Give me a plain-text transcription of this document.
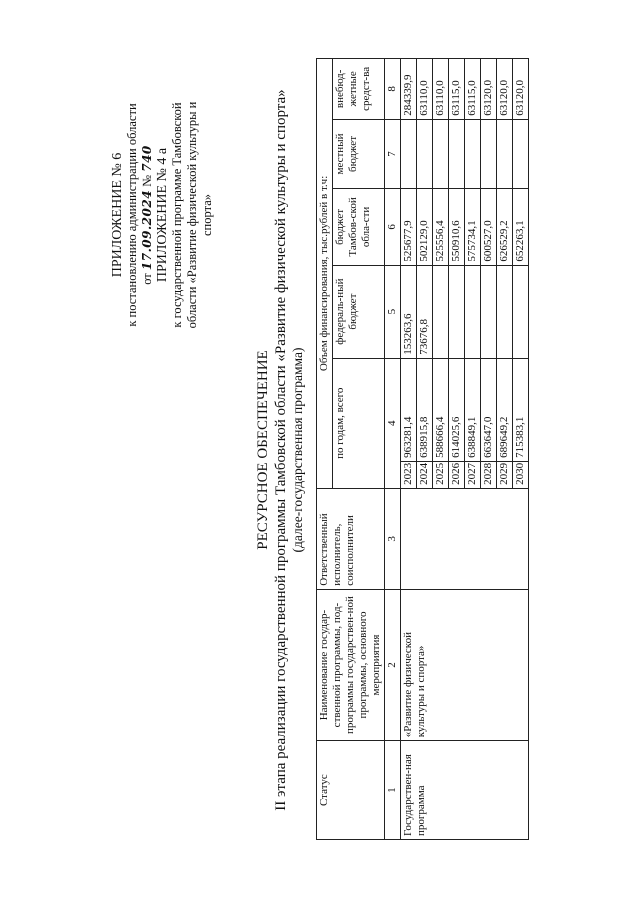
ПРИЛОЖЕНИЕ № 6 к постановлению администрации области от 17.09.2024 № 740 ПРИЛОЖЕНИЕ № 4 а к государственной программе Тамбовской области «Развитие физической культуры и спорта»
РЕСУРСНОЕ ОБЕСПЕЧЕНИЕ II этапа реализации государственной программы Тамбовской области «Развитие физической культуры и спорта» (далее-государственная программа)
Статус	Наименование государ-ственной программы, под-программы государствен-ной программы, основного мероприятия	Ответственный исполнитель, соисполнители	Объем финансирования, тыс.рублей в т.ч:					
			по годам, всего		федераль-ный бюджет	бюджет Тамбов-ской обла-сти	местный бюджет	внебюд-жетные средст-ва
1	2	3	4		5	6	7	8
Государствен-ная программа	«Развитие физической культуры и спорта»		2023	963281,4	153263,6	525677,9		284339,9
			2024	638915,8	73676,8	502129,0		63110,0
			2025	588666,4		525556,4		63110,0
			2026	614025,6		550910,6		63115,0
			2027	638849,1		575734,1		63115,0
			2028	663647,0		600527,0		63120,0
			2029	689649,2		626529,2		63120,0
			2030	715383,1		652263,1		63120,0
